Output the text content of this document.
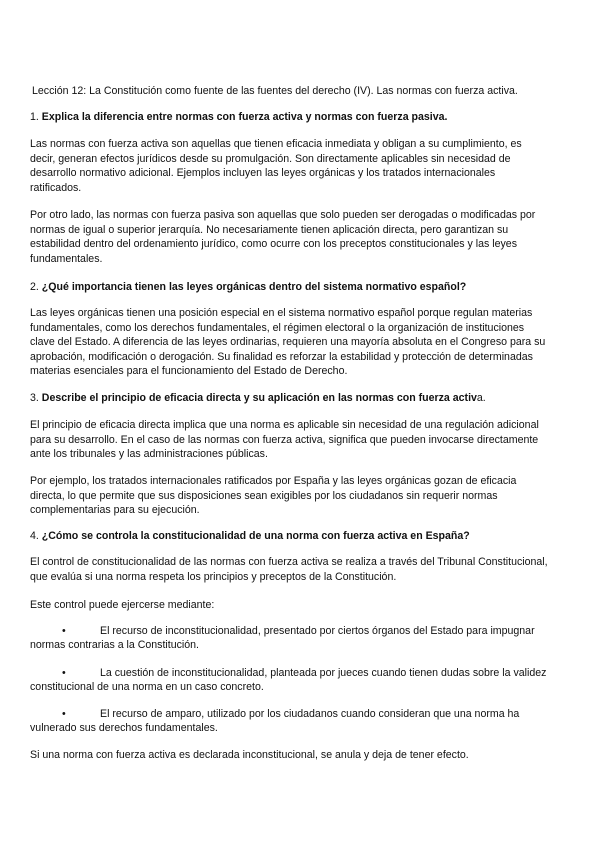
Lección 12: La Constitución como fuente de las fuentes del derecho (IV). Las normas con fuerza activa.
1. Explica la diferencia entre normas con fuerza activa y normas con fuerza pasiva.

Las normas con fuerza activa son aquellas que tienen eficacia inmediata y obligan a su cumplimiento, es

decir, generan efectos jurídicos desde su promulgación. Son directamente aplicables sin necesidad de

desarrollo normativo adicional. Ejemplos incluyen las leyes orgánicas y los tratados internacionales

ratificados.

Por otro lado, las normas con fuerza pasiva son aquellas que solo pueden ser derogadas o modificadas por

normas de igual o superior jerarquía. No necesariamente tienen aplicación directa, pero garantizan su

estabilidad dentro del ordenamiento jurídico, como ocurre con los preceptos constitucionales y las leyes

fundamentales.

2. ¿Qué importancia tienen las leyes orgánicas dentro del sistema normativo español?

Las leyes orgánicas tienen una posición especial en el sistema normativo español porque regulan materias

fundamentales, como los derechos fundamentales, el régimen electoral o la organización de instituciones

clave del Estado. A diferencia de las leyes ordinarias, requieren una mayoría absoluta en el Congreso para su

aprobación, modificación o derogación. Su finalidad es reforzar la estabilidad y protección de determinadas

materias esenciales para el funcionamiento del Estado de Derecho.

3. Describe el principio de eficacia directa y su aplicación en las normas con fuerza activa.

El principio de eficacia directa implica que una norma es aplicable sin necesidad de una regulación adicional

para su desarrollo. En el caso de las normas con fuerza activa, significa que pueden invocarse directamente

ante los tribunales y las administraciones públicas.

Por ejemplo, los tratados internacionales ratificados por España y las leyes orgánicas gozan de eficacia

directa, lo que permite que sus disposiciones sean exigibles por los ciudadanos sin requerir normas

complementarias para su ejecución.

4. ¿Cómo se controla la constitucionalidad de una norma con fuerza activa en España?

El control de constitucionalidad de las normas con fuerza activa se realiza a través del Tribunal Constitucional,

que evalúa si una norma respeta los principios y preceptos de la Constitución.

Este control puede ejercerse mediante:
•	El recurso de inconstitucionalidad, presentado por ciertos órganos del Estado para impugnar
normas contrarias a la Constitución.
•	La cuestión de inconstitucionalidad, planteada por jueces cuando tienen dudas sobre la validez
constitucional de una norma en un caso concreto.
•	El recurso de amparo, utilizado por los ciudadanos cuando consideran que una norma ha
vulnerado sus derechos fundamentales.
Si una norma con fuerza activa es declarada inconstitucional, se anula y deja de tener efecto.
